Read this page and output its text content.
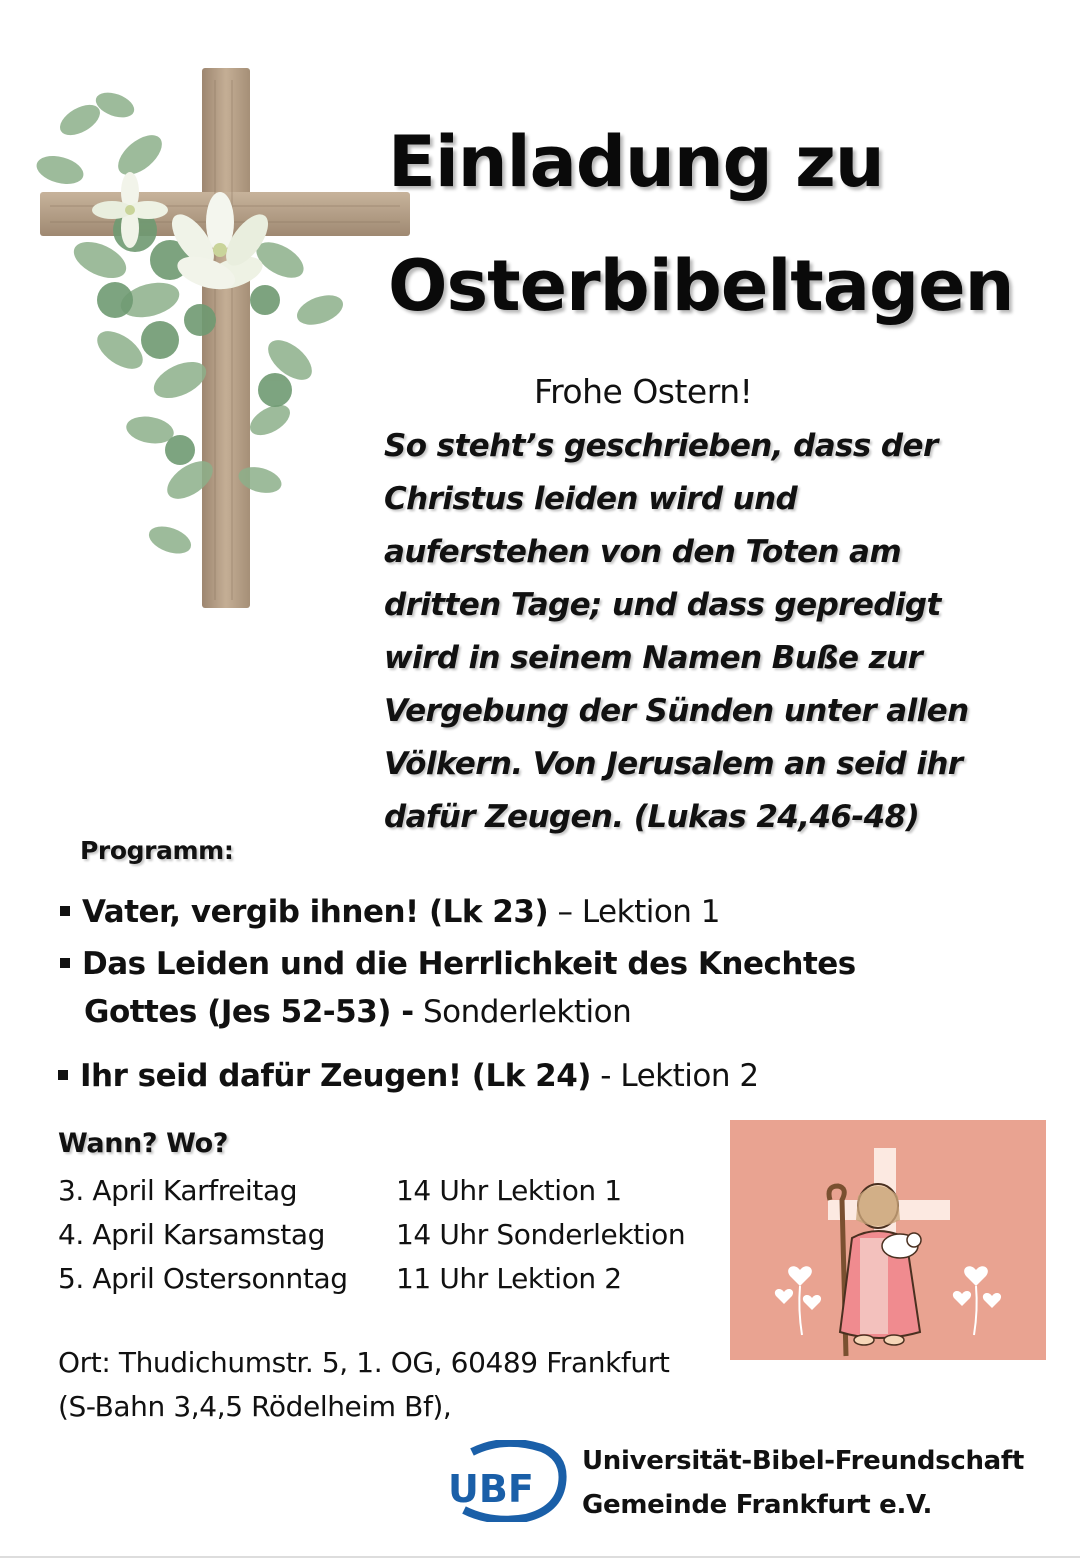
Einladung zu
Osterbibeltagen
Frohe Ostern!
So steht’s geschrieben, dass der
Christus leiden wird und
auferstehen von den Toten am
dritten Tage; und dass gepredigt
wird in seinem Namen Buße zur
Vergebung der Sünden unter allen
Völkern. Von Jerusalem an seid ihr
dafür Zeugen. (Lukas 24,46-48)
Programm:
Vater, vergib ihnen! (Lk 23) – Lektion 1
Das Leiden und die Herrlichkeit des Knechtes
Gottes (Jes 52-53) - Sonderlektion
Ihr seid dafür Zeugen! (Lk 24) - Lektion 2
Wann? Wo?
3. April Karfreitag	14 Uhr Lektion 1
4. April Karsamstag	14 Uhr Sonderlektion
5. April Ostersonntag 11 Uhr Lektion 2
Ort: Thudichumstr. 5, 1. OG, 60489 Frankfurt
(S-Bahn 3,4,5 Rödelheim Bf),
UBF
Universität-Bibel-Freundschaft
Gemeinde Frankfurt e.V.
